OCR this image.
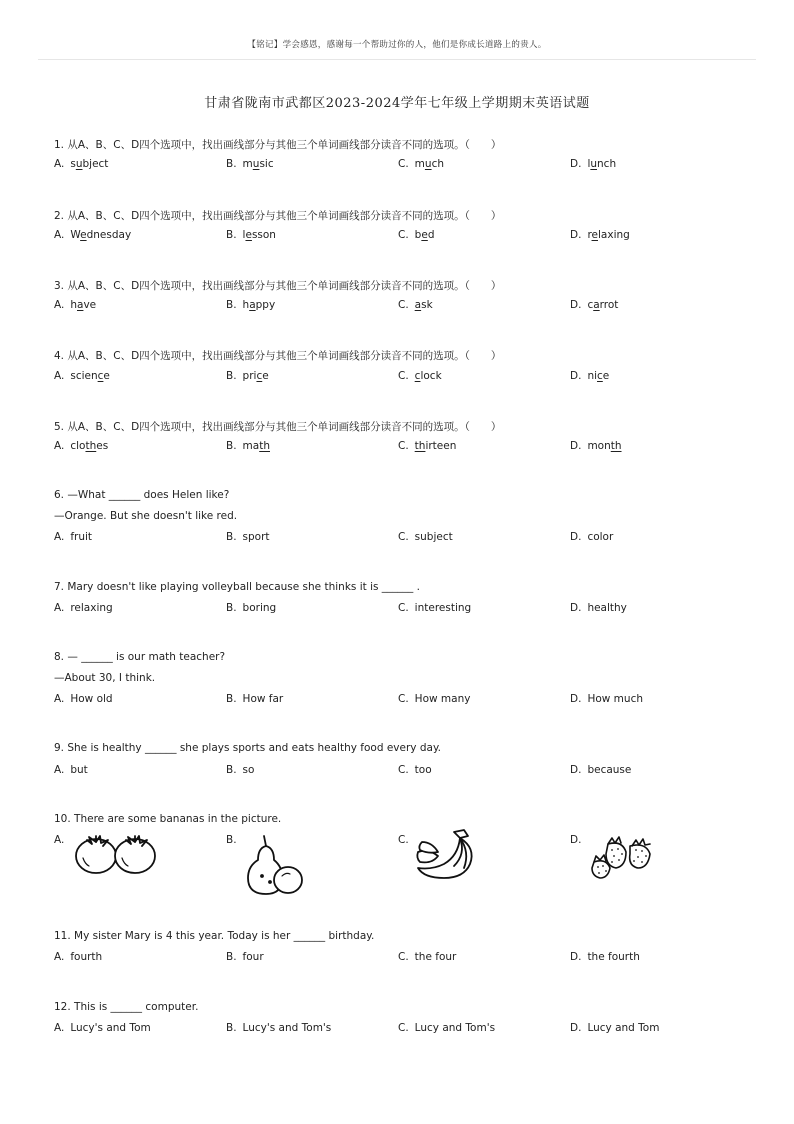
【铭记】学会感恩，感谢每一个帮助过你的人，他们是你成长道路上的贵人。
甘肃省陇南市武都区2023-2024学年七年级上学期期末英语试题
1. 从A、B、C、D四个选项中，找出画线部分与其他三个单词画线部分读音不同的选项。（　　）
A. subject	B. music	C. much	D. lunch
2. 从A、B、C、D四个选项中，找出画线部分与其他三个单词画线部分读音不同的选项。（　　）
A. Wednesday	B. lesson	C. bed	D. relaxing
3. 从A、B、C、D四个选项中，找出画线部分与其他三个单词画线部分读音不同的选项。（　　）
A. have	B. happy	C. ask	D. carrot
4. 从A、B、C、D四个选项中，找出画线部分与其他三个单词画线部分读音不同的选项。（　　）
A. science	B. price	C. clock	D. nice
5. 从A、B、C、D四个选项中，找出画线部分与其他三个单词画线部分读音不同的选项。（　　）
A. clothes	B. math	C. thirteen	D. month
6. —What ______ does Helen like?
—Orange. But she doesn't like red.
A. fruit	B. sport	C. subject	D. color
7. Mary doesn't like playing volleyball because she thinks it is ______ .
A. relaxing	B. boring	C. interesting	D. healthy
8. — ______ is our math teacher?
—About 30, I think.
A. How old	B. How far	C. How many	D. How much
9. She is healthy ______ she plays sports and eats healthy food every day.
A. but	B. so	C. too	D. because
10. There are some bananas in the picture.
A.	B.	C.	D.
11. My sister Mary is 4 this year. Today is her ______ birthday.
A. fourth	B. four	C. the four	D. the fourth
12. This is ______ computer.
A. Lucy's and Tom	B. Lucy's and Tom's	C. Lucy and Tom's	D. Lucy and Tom
